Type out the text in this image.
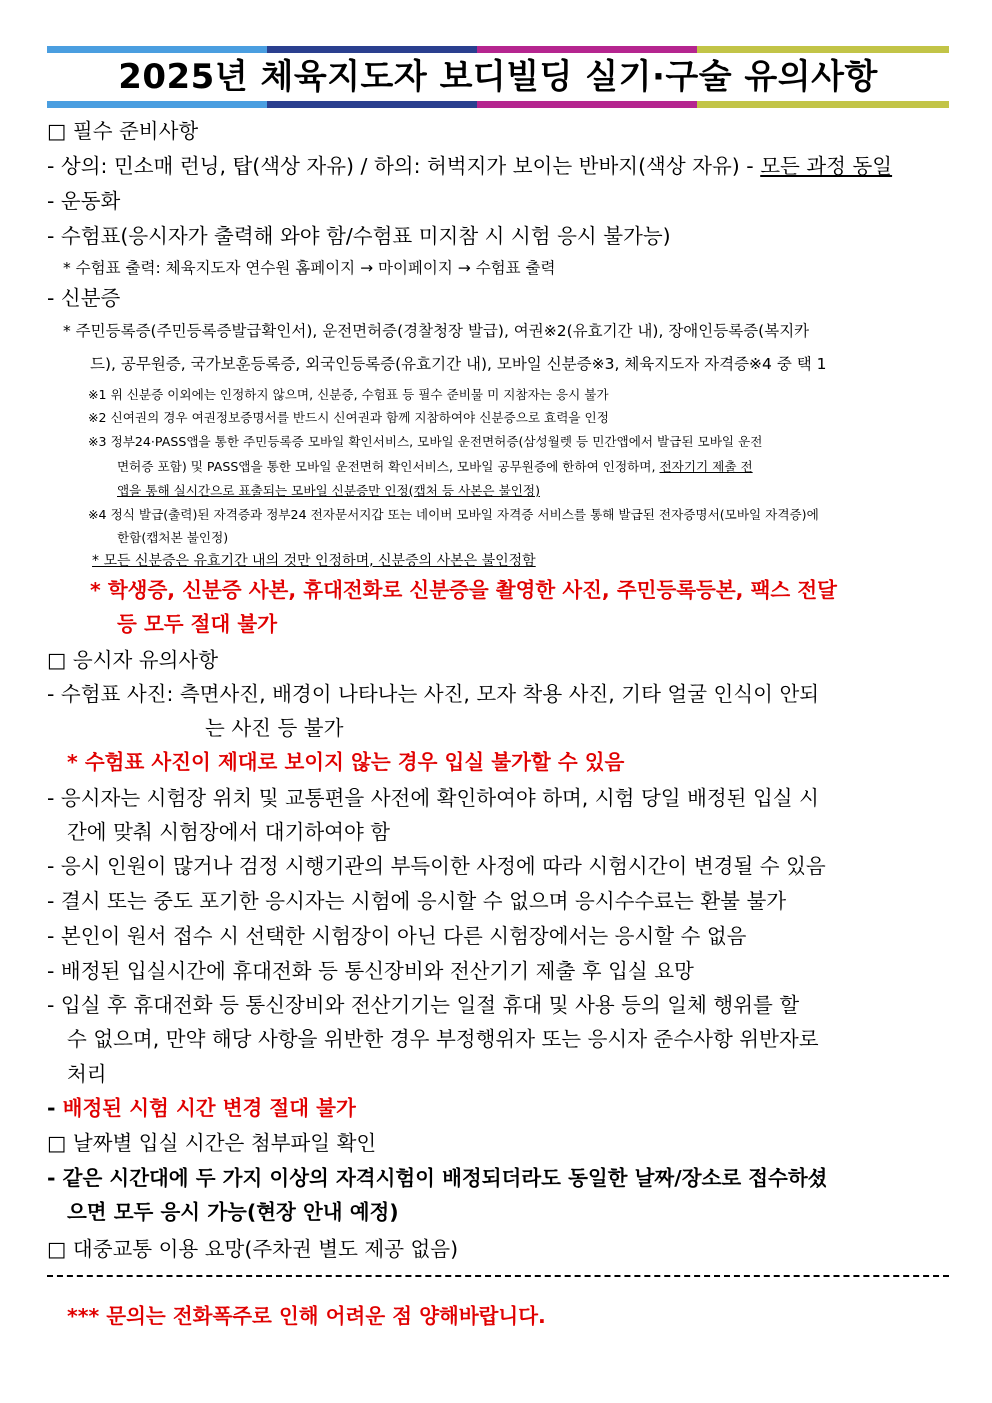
2025년 체육지도자 보디빌딩 실기·구술 유의사항
□ 필수 준비사항
- 상의: 민소매 런닝, 탑(색상 자유) / 하의: 허벅지가 보이는 반바지(색상 자유) - 모든 과정 동일
- 운동화
- 수험표(응시자가 출력해 와야 함/수험표 미지참 시 시험 응시 불가능)
* 수험표 출력: 체육지도자 연수원 홈페이지 → 마이페이지 → 수험표 출력
- 신분증
* 주민등록증(주민등록증발급확인서), 운전면허증(경찰청장 발급), 여권※2(유효기간 내), 장애인등록증(복지카
드), 공무원증, 국가보훈등록증, 외국인등록증(유효기간 내), 모바일 신분증※3, 체육지도자 자격증※4 중 택 1
※1 위 신분증 이외에는 인정하지 않으며, 신분증, 수험표 등 필수 준비물 미 지참자는 응시 불가
※2 신여권의 경우 여권정보증명서를 반드시 신여권과 함께 지참하여야 신분증으로 효력을 인정
※3 정부24·PASS앱을 통한 주민등록증 모바일 확인서비스, 모바일 운전면허증(삼성월렛 등 민간앱에서 발급된 모바일 운전
면허증 포함) 및 PASS앱을 통한 모바일 운전면허 확인서비스, 모바일 공무원증에 한하여 인정하며, 전자기기 제출 전
앱을 통해 실시간으로 표출되는 모바일 신분증만 인정(캡처 등 사본은 불인정)
※4 정식 발급(출력)된 자격증과 정부24 전자문서지갑 또는 네이버 모바일 자격증 서비스를 통해 발급된 전자증명서(모바일 자격증)에
한함(캡처본 불인정)
* 모든 신분증은 유효기간 내의 것만 인정하며, 신분증의 사본은 불인정함
* 학생증, 신분증 사본, 휴대전화로 신분증을 촬영한 사진, 주민등록등본, 팩스 전달
등 모두 절대 불가
□ 응시자 유의사항
- 수험표 사진: 측면사진, 배경이 나타나는 사진, 모자 착용 사진, 기타 얼굴 인식이 안되
는 사진 등 불가
* 수험표 사진이 제대로 보이지 않는 경우 입실 불가할 수 있음
- 응시자는 시험장 위치 및 교통편을 사전에 확인하여야 하며, 시험 당일 배정된 입실 시
간에 맞춰 시험장에서 대기하여야 함
- 응시 인원이 많거나 검정 시행기관의 부득이한 사정에 따라 시험시간이 변경될 수 있음
- 결시 또는 중도 포기한 응시자는 시험에 응시할 수 없으며 응시수수료는 환불 불가
- 본인이 원서 접수 시 선택한 시험장이 아닌 다른 시험장에서는 응시할 수 없음
- 배정된 입실시간에 휴대전화 등 통신장비와 전산기기 제출 후 입실 요망
- 입실 후 휴대전화 등 통신장비와 전산기기는 일절 휴대 및 사용 등의 일체 행위를 할
수 없으며, 만약 해당 사항을 위반한 경우 부정행위자 또는 응시자 준수사항 위반자로
처리
- 배정된 시험 시간 변경 절대 불가
□ 날짜별 입실 시간은 첨부파일 확인
- 같은 시간대에 두 가지 이상의 자격시험이 배정되더라도 동일한 날짜/장소로 접수하셨
으면 모두 응시 가능(현장 안내 예정)
□ 대중교통 이용 요망(주차권 별도 제공 없음)
*** 문의는 전화폭주로 인해 어려운 점 양해바랍니다.
